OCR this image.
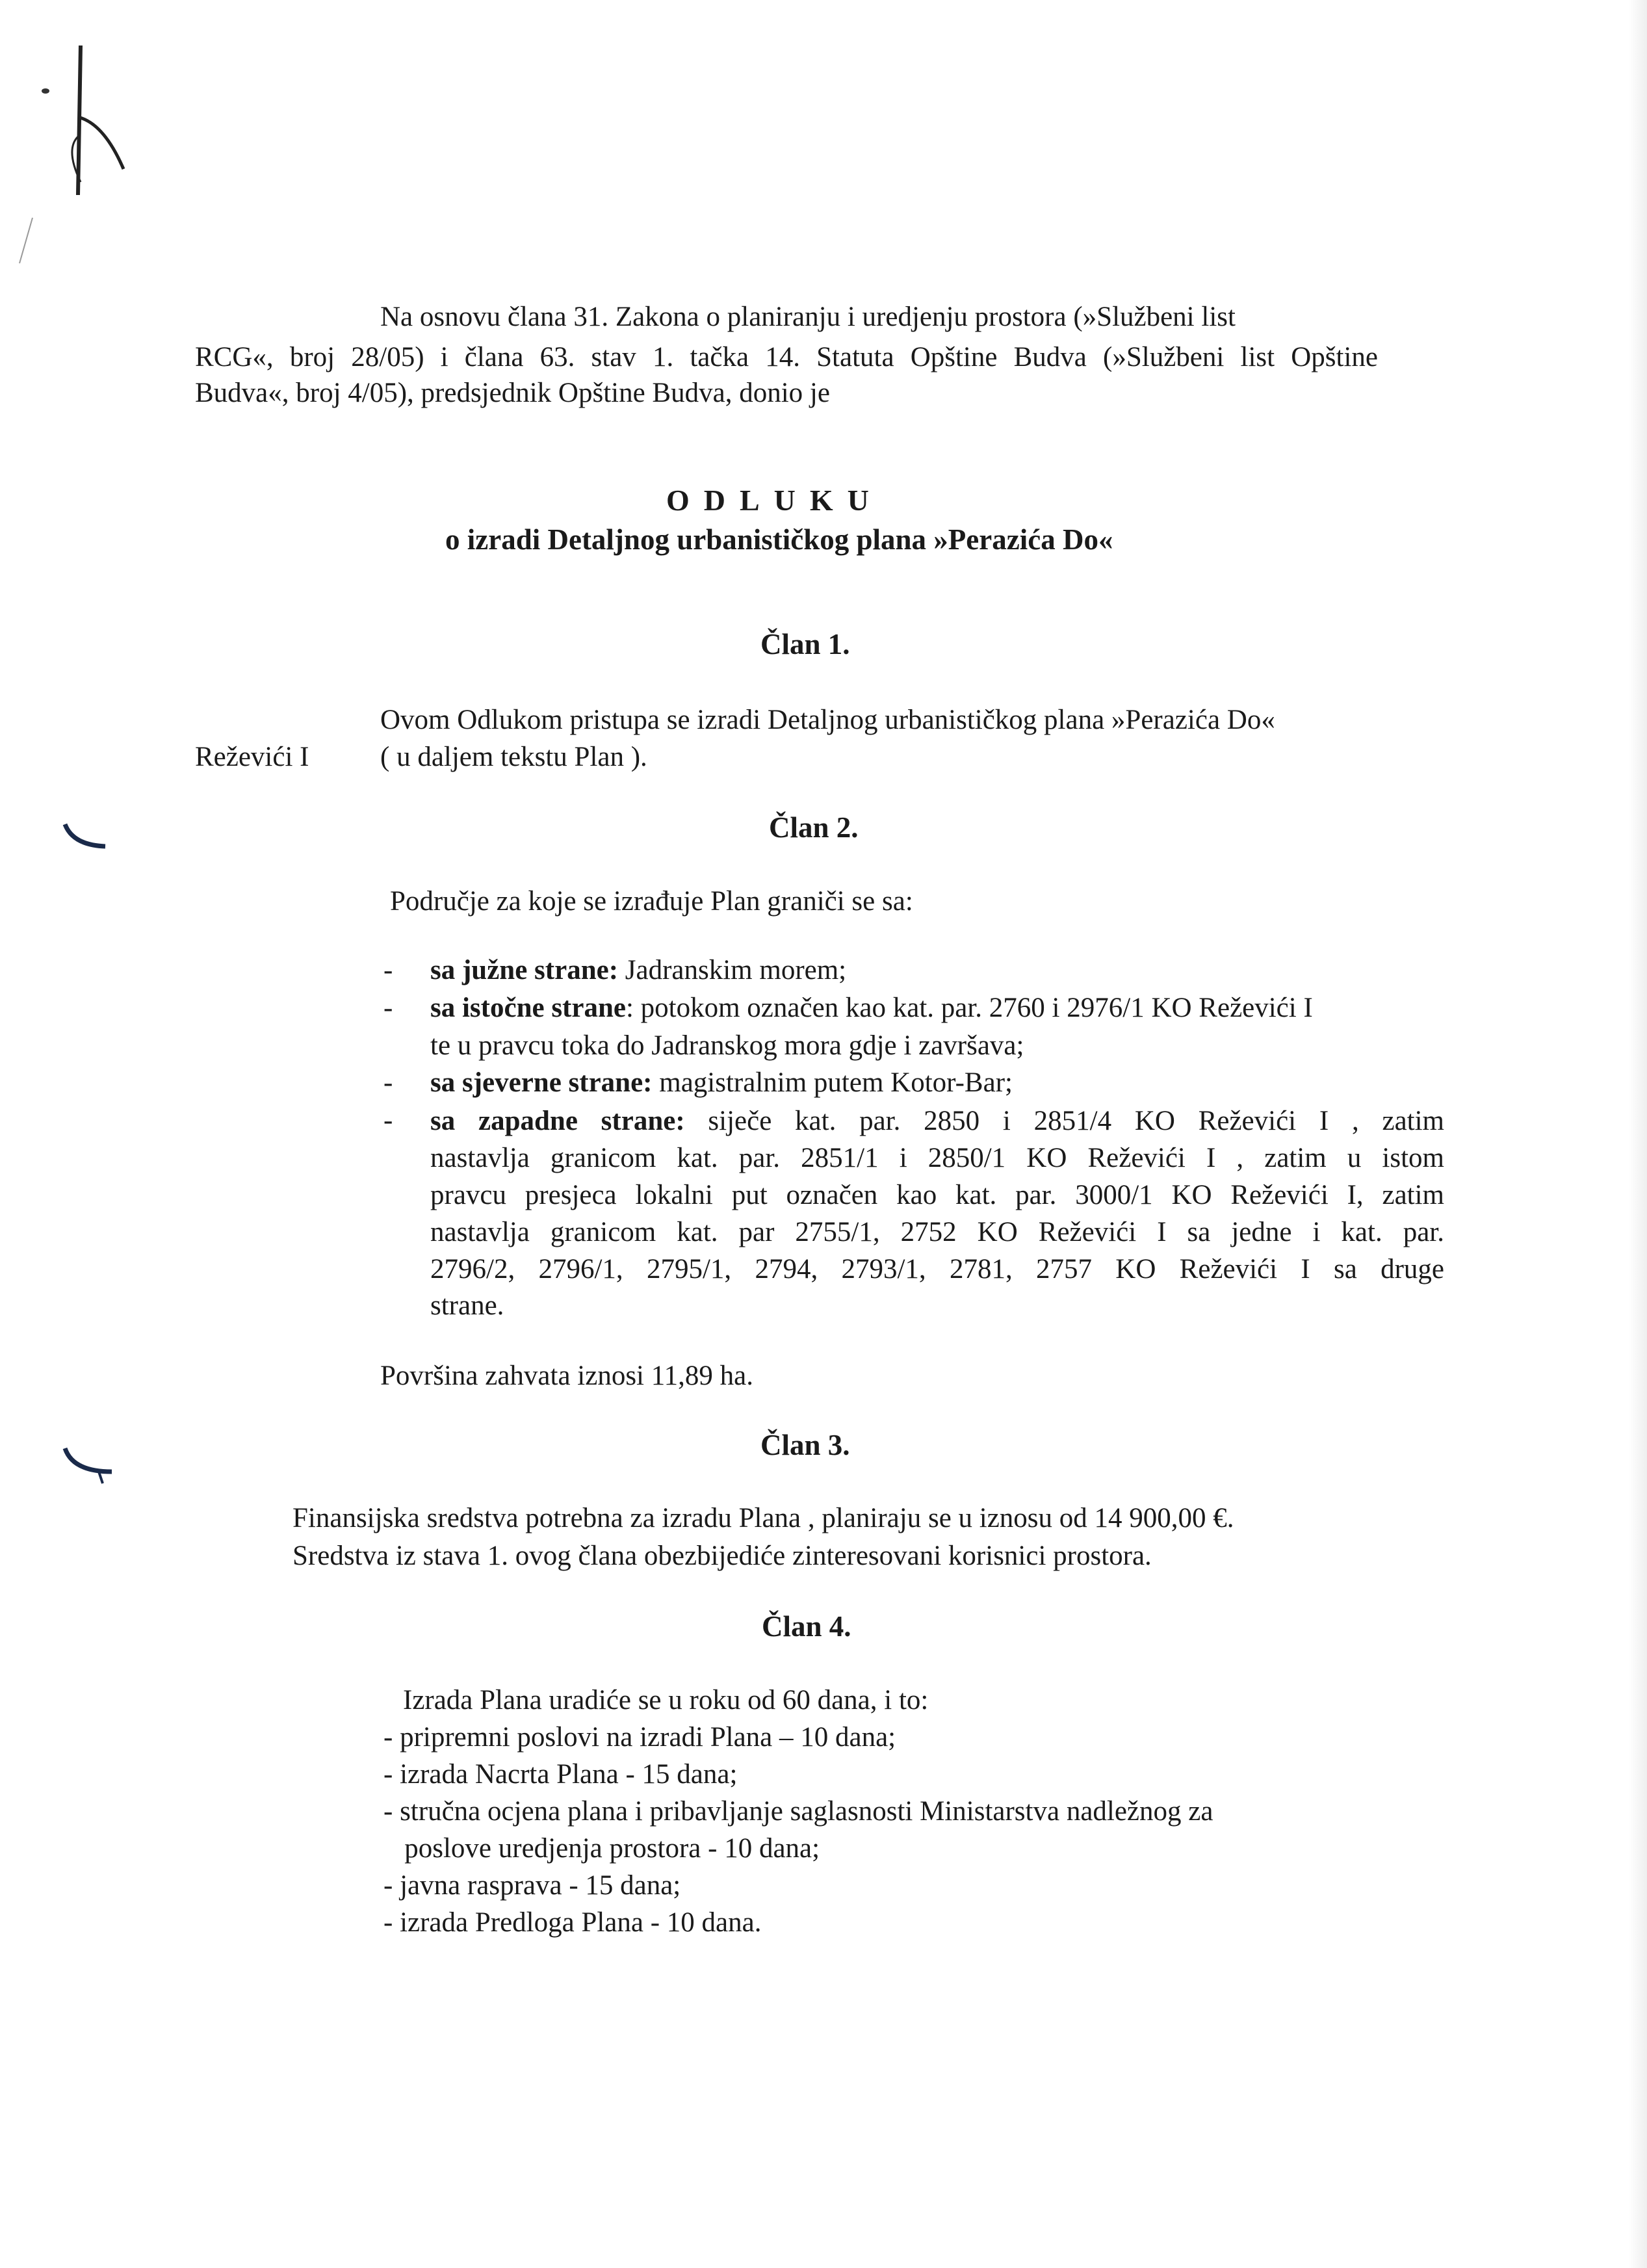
Na osnovu člana 31. Zakona o planiranju i uredjenju prostora (»Službeni list
RCG«, broj 28/05) i člana 63. stav 1. tačka 14. Statuta Opštine Budva (»Službeni list Opštine
Budva«, broj 4/05), predsjednik Opštine Budva, donio je
ODLUKU
o izradi Detaljnog urbanističkog plana »Perazića Do«
Član 1.
Ovom Odlukom pristupa se izradi Detaljnog urbanističkog plana »Perazića Do«
Reževići I	( u daljem tekstu Plan ).
Član 2.
Područje za koje se izrađuje Plan graniči se sa:
- sa južne strane: Jadranskim morem;
- sa istočne strane: potokom označen kao kat. par. 2760 i 2976/1 KO Reževići I
te u pravcu toka do Jadranskog mora gdje i završava;
- sa sjeverne strane: magistralnim putem Kotor-Bar;
- sa zapadne strane: siječe kat. par. 2850 i 2851/4 KO Reževići I , zatim
nastavlja granicom kat. par. 2851/1 i 2850/1 KO Reževići I , zatim u istom
pravcu presjeca lokalni put označen kao kat. par. 3000/1 KO Reževići I, zatim
nastavlja granicom kat. par 2755/1, 2752 KO Reževići I sa jedne i kat. par.
2796/2, 2796/1, 2795/1, 2794, 2793/1, 2781, 2757 KO Reževići I sa druge
strane.
Površina zahvata iznosi 11,89 ha.
Član 3.
Finansijska sredstva potrebna za izradu Plana , planiraju se u iznosu od 14 900,00 €.
Sredstva iz stava 1. ovog člana obezbijediće zinteresovani korisnici prostora.
Član 4.
Izrada Plana uradiće se u roku od 60 dana, i to:
- pripremni poslovi na izradi Plana – 10 dana;
- izrada Nacrta Plana - 15 dana;
- stručna ocjena plana i pribavljanje saglasnosti Ministarstva nadležnog za
poslove uredjenja prostora - 10 dana;
- javna rasprava - 15 dana;
- izrada Predloga Plana - 10 dana.
